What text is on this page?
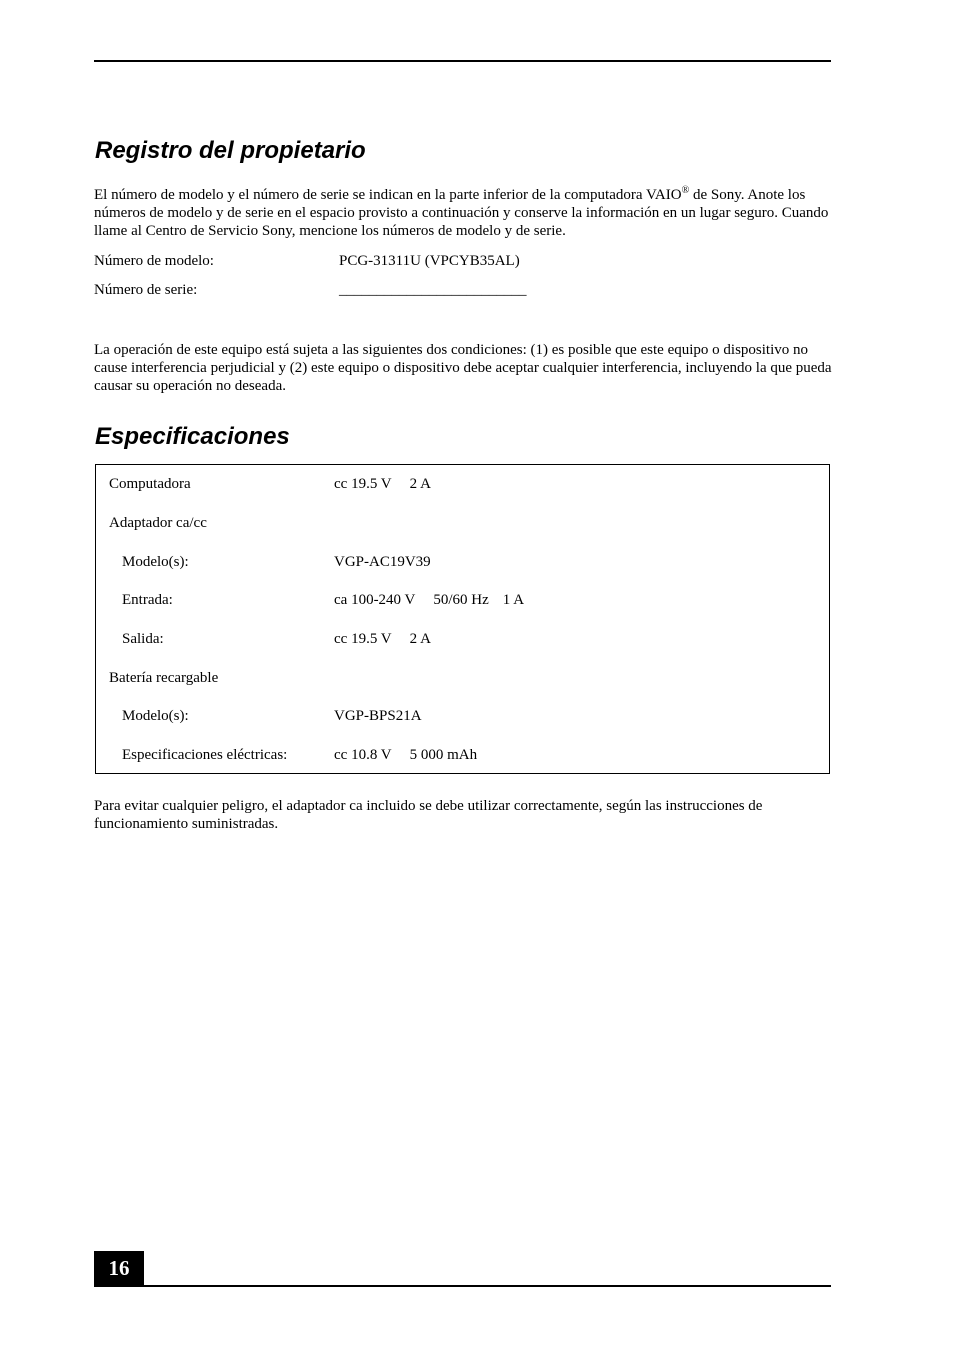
Registro del propietario

El número de modelo y el número de serie se indican en la parte inferior de la computadora VAIO® de Sony. Anote los números de modelo y de serie en el espacio provisto a continuación y conserve la información en un lugar seguro. Cuando llame al Centro de Servicio Sony, mencione los números de modelo y de serie.

Número de modelo:	PCG-31311U (VPCYB35AL)
Número de serie:	_________________________

La operación de este equipo está sujeta a las siguientes dos condiciones: (1) es posible que este equipo o dispositivo no cause interferencia perjudicial y (2) este equipo o dispositivo debe aceptar cualquier interferencia, incluyendo la que pueda causar su operación no deseada.

Especificaciones
Computadora	cc 19.5 V 2 A
Adaptador ca/cc
Modelo(s):	VGP-AC19V39
Entrada:	ca 100-240 V 50/60 Hz 1 A
Salida:	cc 19.5 V 2 A
Batería recargable
Modelo(s):	VGP-BPS21A
Especificaciones eléctricas:	cc 10.8 V 5 000 mAh

Para evitar cualquier peligro, el adaptador ca incluido se debe utilizar correctamente, según las instrucciones de funcionamiento suministradas.

16
